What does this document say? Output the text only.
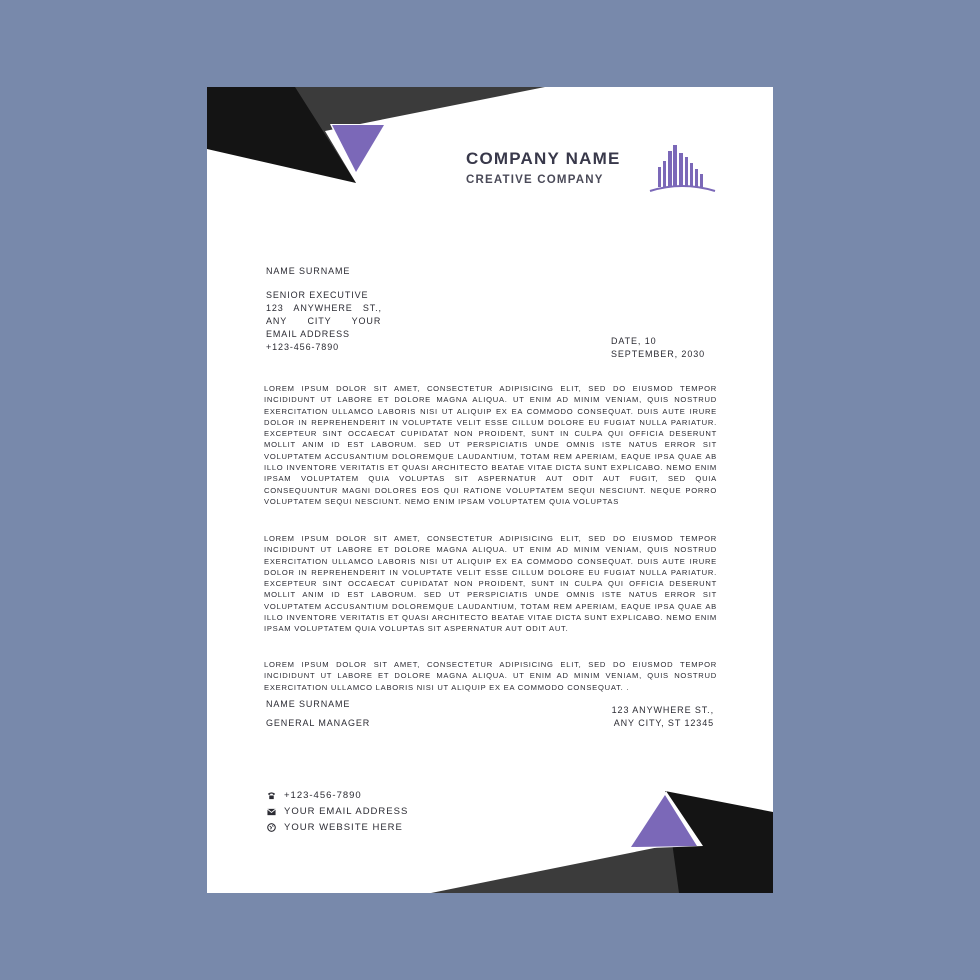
COMPANY NAME
CREATIVE COMPANY
NAME SURNAME
SENIOR EXECUTIVE
123   ANYWHERE   ST.,
ANY      CITY      YOUR
EMAIL ADDRESS
+123-456-7890
DATE, 10
SEPTEMBER, 2030
LOREM IPSUM DOLOR SIT AMET, CONSECTETUR ADIPISICING ELIT, SED DO EIUSMOD TEMPOR INCIDIDUNT UT LABORE ET DOLORE MAGNA ALIQUA. UT ENIM AD MINIM VENIAM, QUIS NOSTRUD EXERCITATION ULLAMCO LABORIS NISI UT ALIQUIP EX EA COMMODO CONSEQUAT. DUIS AUTE IRURE DOLOR IN REPREHENDERIT IN VOLUPTATE VELIT ESSE CILLUM DOLORE EU FUGIAT NULLA PARIATUR. EXCEPTEUR SINT OCCAECAT CUPIDATAT NON PROIDENT, SUNT IN CULPA QUI OFFICIA DESERUNT MOLLIT ANIM ID EST LABORUM. SED UT PERSPICIATIS UNDE OMNIS ISTE NATUS ERROR SIT VOLUPTATEM ACCUSANTIUM DOLOREMQUE LAUDANTIUM, TOTAM REM APERIAM, EAQUE IPSA QUAE AB ILLO INVENTORE VERITATIS ET QUASI ARCHITECTO BEATAE VITAE DICTA SUNT EXPLICABO. NEMO ENIM IPSAM VOLUPTATEM QUIA VOLUPTAS SIT ASPERNATUR AUT ODIT AUT FUGIT, SED QUIA CONSEQUUNTUR MAGNI DOLORES EOS QUI RATIONE VOLUPTATEM SEQUI NESCIUNT. NEQUE PORRO VOLUPTATEM SEQUI NESCIUNT. NEMO ENIM IPSAM VOLUPTATEM QUIA VOLUPTAS
LOREM IPSUM DOLOR SIT AMET, CONSECTETUR ADIPISICING ELIT, SED DO EIUSMOD TEMPOR INCIDIDUNT UT LABORE ET DOLORE MAGNA ALIQUA. UT ENIM AD MINIM VENIAM, QUIS NOSTRUD EXERCITATION ULLAMCO LABORIS NISI UT ALIQUIP EX EA COMMODO CONSEQUAT. DUIS AUTE IRURE DOLOR IN REPREHENDERIT IN VOLUPTATE VELIT ESSE CILLUM DOLORE EU FUGIAT NULLA PARIATUR. EXCEPTEUR SINT OCCAECAT CUPIDATAT NON PROIDENT, SUNT IN CULPA QUI OFFICIA DESERUNT MOLLIT ANIM ID EST LABORUM. SED UT PERSPICIATIS UNDE OMNIS ISTE NATUS ERROR SIT VOLUPTATEM ACCUSANTIUM DOLOREMQUE LAUDANTIUM, TOTAM REM APERIAM, EAQUE IPSA QUAE AB ILLO INVENTORE VERITATIS ET QUASI ARCHITECTO BEATAE VITAE DICTA SUNT EXPLICABO. NEMO ENIM IPSAM VOLUPTATEM QUIA VOLUPTAS SIT ASPERNATUR AUT ODIT AUT.
LOREM IPSUM DOLOR SIT AMET, CONSECTETUR ADIPISICING ELIT, SED DO EIUSMOD TEMPOR INCIDIDUNT UT LABORE ET DOLORE MAGNA ALIQUA. UT ENIM AD MINIM VENIAM, QUIS NOSTRUD EXERCITATION ULLAMCO LABORIS NISI UT ALIQUIP EX EA COMMODO CONSEQUAT. .
NAME SURNAME
GENERAL MANAGER
123 ANYWHERE ST.,
ANY CITY, ST 12345
+123-456-7890
YOUR EMAIL ADDRESS
YOUR WEBSITE HERE
